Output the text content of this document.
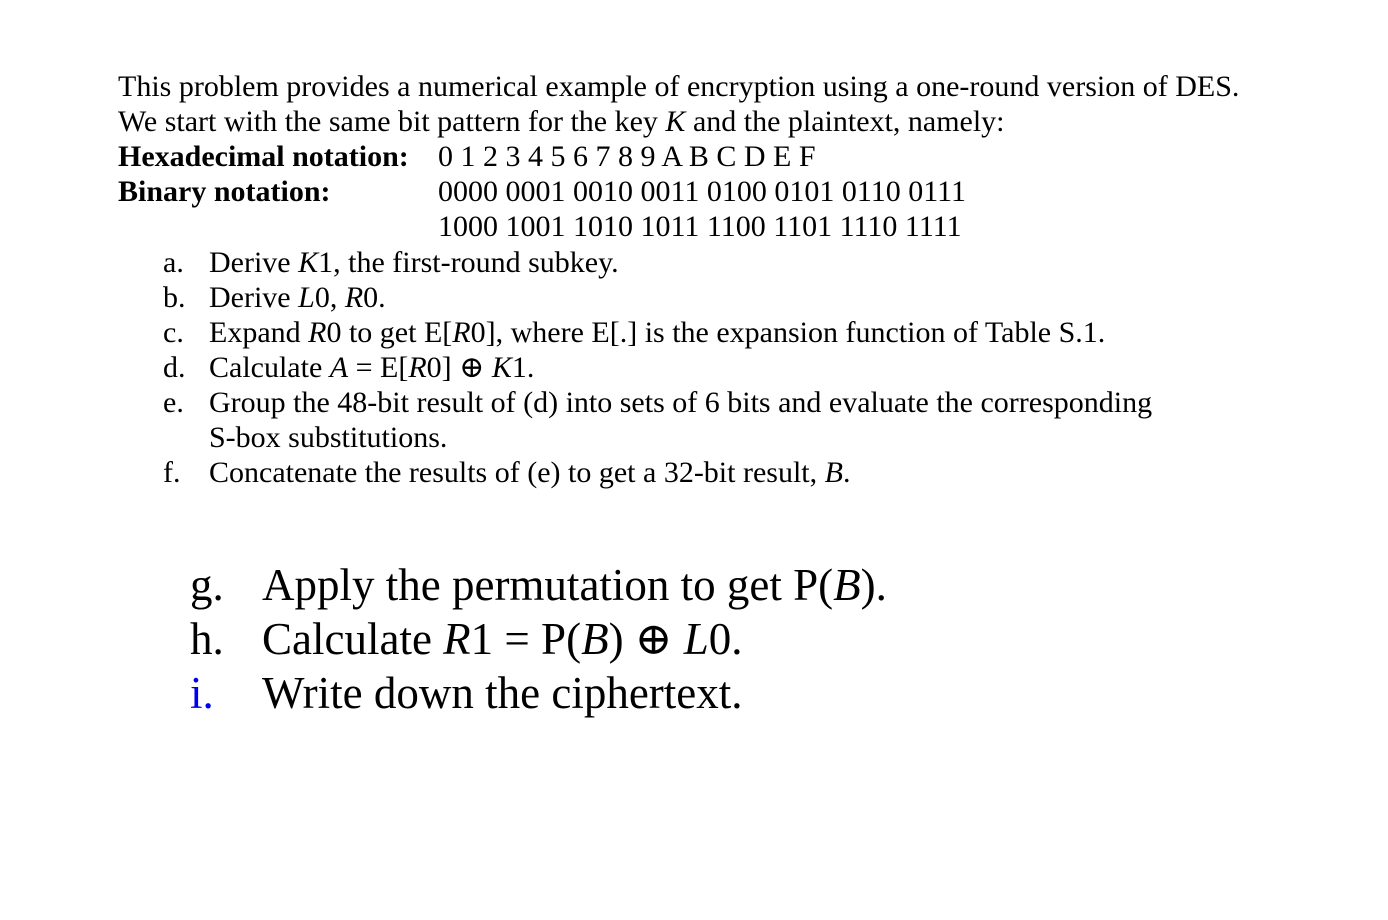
This problem provides a numerical example of encryption using a one-round version of DES.
We start with the same bit pattern for the key K and the plaintext, namely:
Hexadecimal notation: 0 1 2 3 4 5 6 7 8 9 A B C D E F
Binary notation:	0000 0001 0010 0011 0100 0101 0110 0111
1000 1001 1010 1011 1100 1101 1110 1111
a. Derive K1, the first-round subkey.
b. Derive L0, R0.
c. Expand R0 to get E[R0], where E[.] is the expansion function of Table S.1.
d. Calculate A = E[R0] ⊕ K1.
e. Group the 48-bit result of (d) into sets of 6 bits and evaluate the corresponding
S-box substitutions.
f. Concatenate the results of (e) to get a 32-bit result, B.
g. Apply the permutation to get P(B).
h. Calculate R1 = P(B) ⊕ L0.
i. Write down the ciphertext.
